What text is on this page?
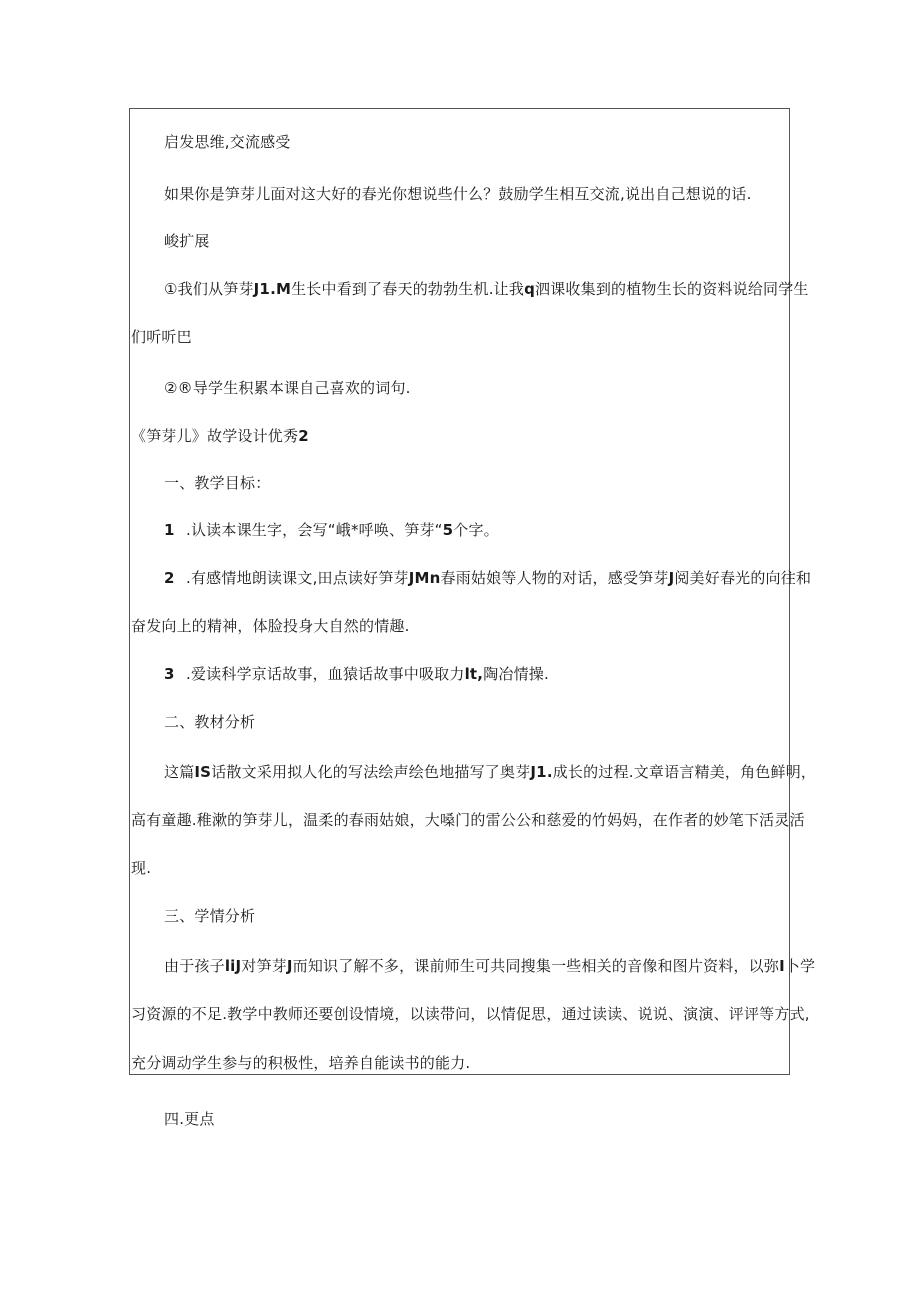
启发思维,交流感受
如果你是笋芽儿面对这大好的春光你想说些什么？鼓励学生相互交流,说出自己想说的话.
峻扩展
①我们从笋芽J1.M生长中看到了春天的勃勃生机.让我q泗课收集到的植物生长的资料说给同学生
们听听巴
②®导学生积累本课自己喜欢的词句.
《笋芽儿》故学设计优秀2
一、教学目标：
1 .认读本课生字，会写“峨*呼唤、笋芽“5个字。
2 .有感情地朗读课文,田点读好笋芽JMn春雨姑娘等人物的对话，感受笋芽J阅美好春光的向往和
奋发向上的精神，体脸投身大自然的情趣.
3 .爱读科学京话故事，血猿话故事中吸取力lt,陶冶情操.
二、教材分析
这篇IS话散文采用拟人化的写法绘声绘色地描写了奥芽J1.成长的过程.文章语言精美，角色鲜明，
高有童趣.稚漱的笋芽儿，温柔的春雨姑娘，大嗓门的雷公公和慈爱的竹妈妈，在作者的妙笔下活灵活
现.
三、学情分析
由于孩子liJ对笋芽J而知识了解不多，课前师生可共同搜集一些相关的音像和图片资料，以弥I卜学
习资源的不足.教学中教师还要创设情境，以读带问，以情促思，通过读读、说说、演演、评评等方式,
充分调动学生参与的积极性，培养自能读书的能力.
四.更点
